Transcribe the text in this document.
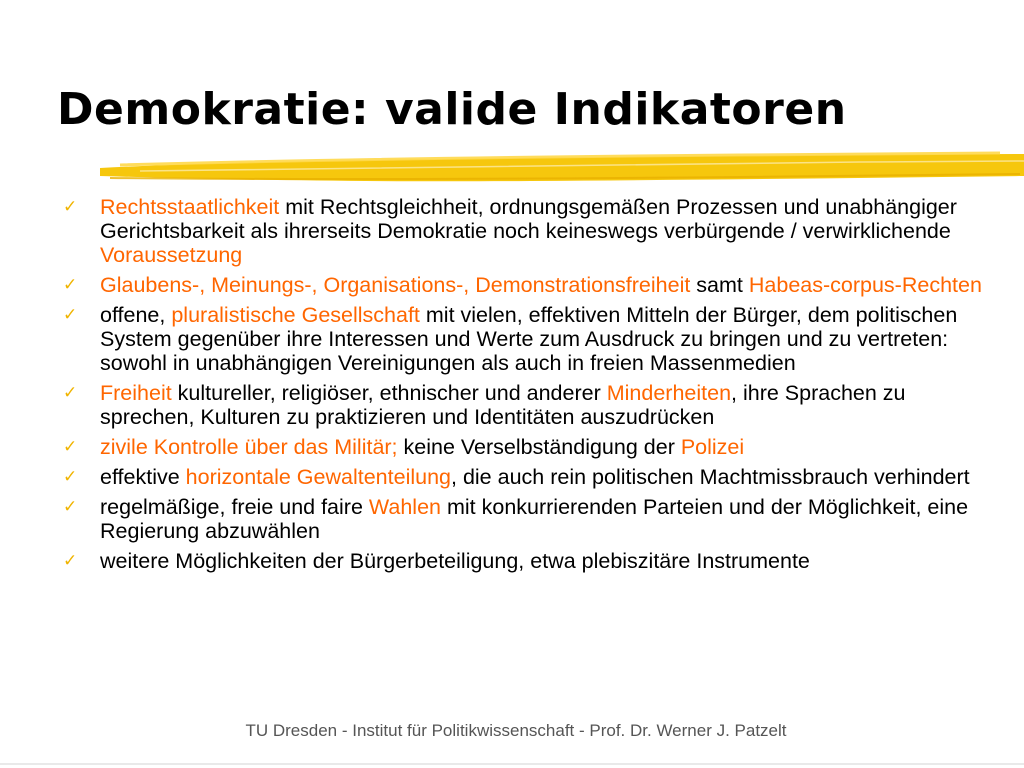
Demokratie: valide Indikatoren
✓ Rechtsstaatlichkeit mit Rechtsgleichheit, ordnungsgemäßen Prozessen und unabhängiger Gerichtsbarkeit als ihrerseits Demokratie noch keineswegs verbürgende / verwirklichende Voraussetzung
✓ Glaubens-, Meinungs-, Organisations-, Demonstrationsfreiheit samt Habeas-corpus-Rechten
✓ offene, pluralistische Gesellschaft mit vielen, effektiven Mitteln der Bürger, dem politischen System gegenüber ihre Interessen und Werte zum Ausdruck zu bringen und zu vertreten: sowohl in unabhängigen Vereinigungen als auch in freien Massenmedien
✓ Freiheit kultureller, religiöser, ethnischer und anderer Minderheiten, ihre Sprachen zu sprechen, Kulturen zu praktizieren und Identitäten auszudrücken
✓ zivile Kontrolle über das Militär; keine Verselbständigung der Polizei
✓ effektive horizontale Gewaltenteilung, die auch rein politischen Machtmissbrauch verhindert
✓ regelmäßige, freie und faire Wahlen mit konkurrierenden Parteien und der Möglichkeit, eine Regierung abzuwählen
✓ weitere Möglichkeiten der Bürgerbeteiligung, etwa plebiszitäre Instrumente
TU Dresden - Institut für Politikwissenschaft - Prof. Dr. Werner J. Patzelt
